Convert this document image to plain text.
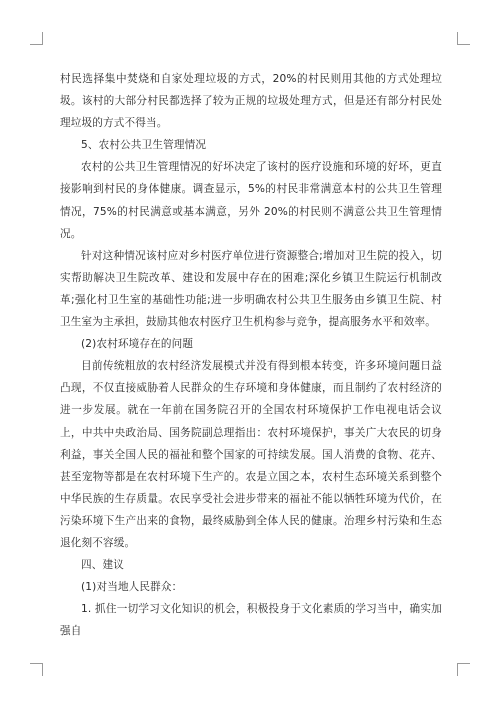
村民选择集中焚烧和自家处理垃圾的方式，20%的村民则用其他的方式处理垃圾。该村的大部分村民都选择了较为正规的垃圾处理方式，但是还有部分村民处理垃圾的方式不得当。

5、农村公共卫生管理情况

农村的公共卫生管理情况的好坏决定了该村的医疗设施和环境的好坏，更直接影响到村民的身体健康。调查显示，5%的村民非常满意本村的公共卫生管理情况，75%的村民满意或基本满意，另外 20%的村民则不满意公共卫生管理情况。

针对这种情况该村应对乡村医疗单位进行资源整合;增加对卫生院的投入，切实帮助解决卫生院改革、建设和发展中存在的困难;深化乡镇卫生院运行机制改革;强化村卫生室的基础性功能;进一步明确农村公共卫生服务由乡镇卫生院、村卫生室为主承担，鼓励其他农村医疗卫生机构参与竞争，提高服务水平和效率。

(2)农村环境存在的问题

目前传统粗放的农村经济发展模式并没有得到根本转变，许多环境问题日益凸现，不仅直接威胁着人民群众的生存环境和身体健康，而且制约了农村经济的进一步发展。就在一年前在国务院召开的全国农村环境保护工作电视电话会议上，中共中央政治局、国务院副总理指出：农村环境保护，事关广大农民的切身利益，事关全国人民的福祉和整个国家的可持续发展。国人消费的食物、花卉、甚至宠物等都是在农村环境下生产的。农是立国之本，农村生态环境关系到整个中华民族的生存质量。农民享受社会进步带来的福祉不能以牺牲环境为代价，在污染环境下生产出来的食物，最终威胁到全体人民的健康。治理乡村污染和生态退化刻不容缓。

四、建议

(1)对当地人民群众：

1. 抓住一切学习文化知识的机会，积极投身于文化素质的学习当中，确实加强自
